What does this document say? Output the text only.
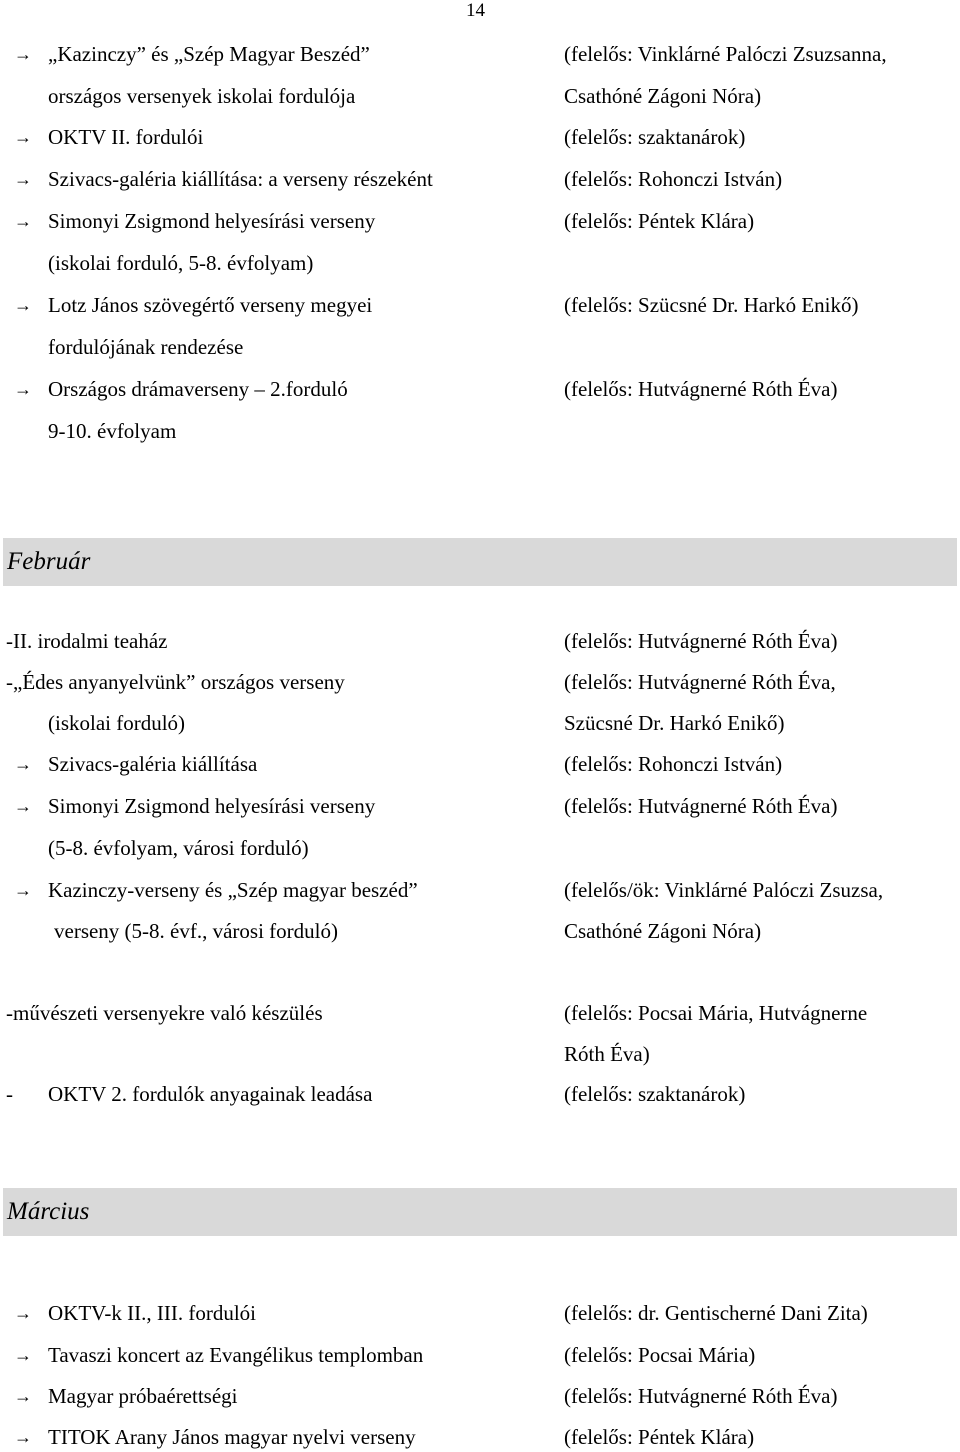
14
→ „Kazinczy” és „Szép Magyar Beszéd”	(felelős: Vinklárné Palóczi Zsuzsanna,
országos versenyek iskolai fordulója	Csathóné Zágoni Nóra)
→ OKTV II. fordulói	(felelős: szaktanárok)
→ Szivacs-galéria kiállítása: a verseny részeként	(felelős: Rohonczi István)
→ Simonyi Zsigmond helyesírási verseny	(felelős: Péntek Klára)
(iskolai forduló, 5-8. évfolyam)
→ Lotz János szövegértő verseny megyei	(felelős: Szücsné Dr. Harkó Enikő)
fordulójának rendezése
→ Országos drámaverseny – 2.forduló	(felelős: Hutvágnerné Róth Éva)
9-10. évfolyam
-II. irodalmi teaház	(felelős: Hutvágnerné Róth Éva)
-„Édes anyanyelvünk” országos verseny	(felelős: Hutvágnerné Róth Éva,
(iskolai forduló)	Szücsné Dr. Harkó Enikő)
→ Szivacs-galéria kiállítása	(felelős: Rohonczi István)
→ Simonyi Zsigmond helyesírási verseny	(felelős: Hutvágnerné Róth Éva)
(5-8. évfolyam, városi forduló)
→ Kazinczy-verseny és „Szép magyar beszéd”	(felelős/ök: Vinklárné Palóczi Zsuzsa,
verseny (5-8. évf., városi forduló)	Csathóné Zágoni Nóra)
-művészeti versenyekre való készülés	(felelős: Pocsai Mária, Hutvágnerne
Róth Éva)
- OKTV 2. fordulók anyagainak leadása	(felelős: szaktanárok)
→ OKTV-k II., III. fordulói	(felelős: dr. Gentischerné Dani Zita)
→ Tavaszi koncert az Evangélikus templomban	(felelős: Pocsai Mária)
→ Magyar próbaérettségi	(felelős: Hutvágnerné Róth Éva)
→ TITOK Arany János magyar nyelvi verseny	(felelős: Péntek Klára)
Február
Március
